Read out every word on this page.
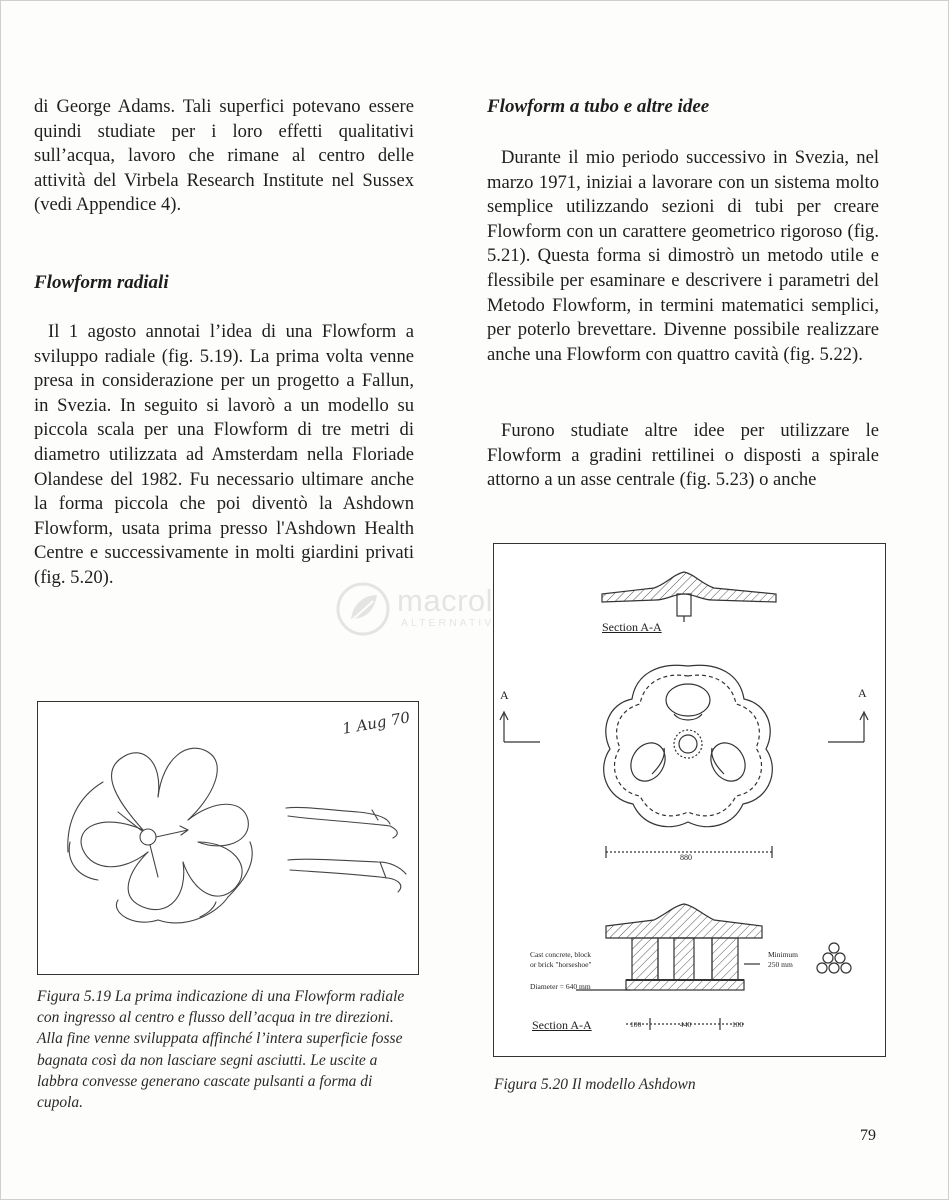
di George Adams. Tali superfici potevano essere quindi studiate per i loro effetti qualitativi sull’acqua, lavoro che rimane al centro delle attività del Virbela Research Institute nel Sussex (vedi Appendice 4).

Flowform radiali

Il 1 agosto annotai l’idea di una Flowform a sviluppo radiale (fig. 5.19). La prima volta venne presa in considerazione per un progetto a Fallun, in Svezia. In seguito si lavorò a un modello su piccola scala per una Flowform di tre metri di diametro utilizzata ad Amsterdam nella Floriade Olandese del 1982. Fu necessario ultimare anche la forma piccola che poi diventò la Ashdown Flowform, usata prima presso l'Ashdown Health Centre e successivamente in molti giardini privati (fig. 5.20).

Flowform a tubo e altre idee

Durante il mio periodo successivo in Svezia, nel marzo 1971, iniziai a lavorare con un sistema molto semplice utilizzando sezioni di tubi per creare Flowform con un carattere geometrico rigoroso (fig. 5.21). Questa forma si dimostrò un metodo utile e flessibile per esaminare e descrivere i parametri del Metodo Flowform, in termini matematici semplici, per poterlo brevettare. Divenne possibile realizzare anche una Flowform con quattro cavità (fig. 5.22).

Furono studiate altre idee per utilizzare le Flowform a gradini rettilinei o disposti a spirale attorno a un asse centrale (fig. 5.23) o anche

macrolibrarsi
ALTERNATIVA
1 Aug 70
Section A-A
A	A
880
Cast concrete, block
or brick "horseshoe"
Minimum
250 mm
Diameter = 640 mm
Section A-A	100	440	100

Figura 5.19 La prima indicazione di una Flowform radiale con ingresso al centro e flusso dell’acqua in tre direzioni. Alla fine venne sviluppata affinché l’intera superficie fosse bagnata così da non lasciare segni asciutti. Le uscite a labbra convesse generano cascate pulsanti a forma di cupola.

Figura 5.20 Il modello Ashdown

79
